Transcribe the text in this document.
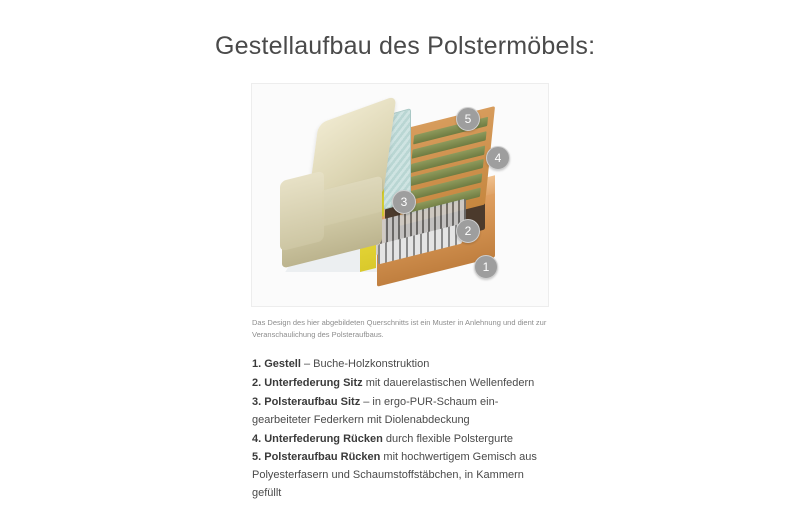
Gestellaufbau des Polstermöbels:
1
2
3
4
5

Das Design des hier abgebildeten Querschnitts ist ein Muster in Anlehnung und dient zur Veranschaulichung des Polsteraufbaus.

1. Gestell – Buche-Holzkonstruktion

2. Unterfederung Sitz mit dauerelastischen Wellenfedern

3. Polsteraufbau Sitz – in ergo-PUR-Schaum ein-
gearbeiteter Federkern mit Diolenabdeckung

4. Unterfederung Rücken durch flexible Polstergurte

5. Polsteraufbau Rücken mit hochwertigem Gemisch aus
Polyesterfasern und Schaumstoffstäbchen, in Kammern gefüllt
